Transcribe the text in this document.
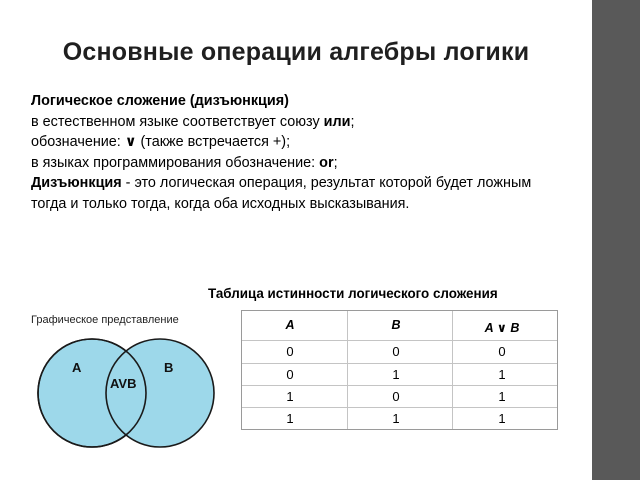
Основные операции алгебры логики
Логическое сложение (дизъюнкция)
в естественном языке соответствует союзу или;
обозначение: ∨ (также встречается +);
в языках программирования обозначение: or;
Дизъюнкция - это логическая операция, результат которой будет ложным
тогда и только тогда, когда оба исходных высказывания.
Таблица истинности логического сложения
Графическое представление
A	B
AVB
A	B	A ∨ B
0	0	0
0	1	1
1	0	1
1	1	1
